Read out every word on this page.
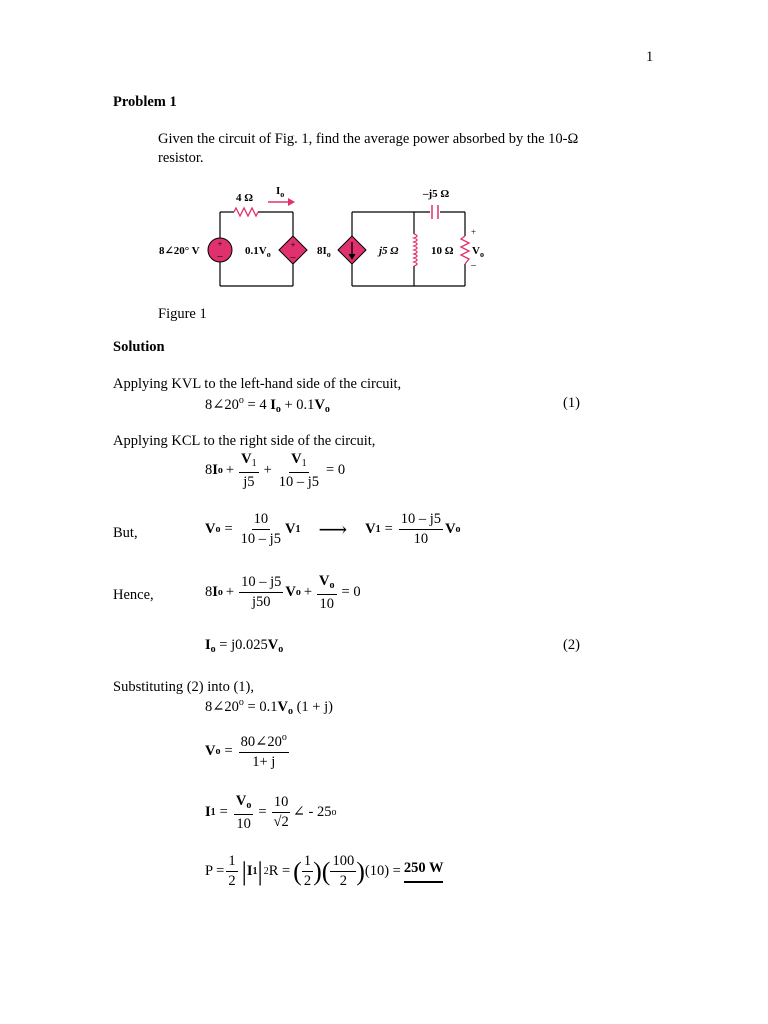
1
Problem 1
Given the circuit of Fig. 1, find the average power absorbed by the 10-Ω
resistor.
+
–
+
–
+
–
4 Ω
$I_o$	–j5 Ω
8∠20° V	$0.1V_o$	$8I_o$	j5 Ω	10 Ω $V_o$
Figure 1
Solution
Applying KVL to the left-hand side of the circuit,
$8\angle 20^o = 4$ $I_o + 0.1V_o$	(1)
Applying KCL to the right side of the circuit,
8 I $o + \frac{V_1}{j5} + \frac{V_1}{10 - j5} = 0$
But,	V $o = \frac{10}{10 - j5}$ V 1 ⟶ V $1 = \frac{10 - j5}{10}$ V o
Hence,	8 I $o + \frac{10 - j5}{j50}$ V $o + \frac{V_o}{10} = 0$
$I_o = j0.025V_o$	(2)
Substituting (2) into (1),
$8\angle 20^o = 0.1V_o$ (1 + j)
V $o = \frac{80\angle 20^o}{1+ j}$
I $1 = \frac{V_o}{10} = \frac{10}{√2}$ ∠ - 25 o
$P = \frac{1}{2}$ | I 1 | 2 R = ( $\frac{1}{2}$ ) ( $\frac{100}{2}$ ) (10) = 250 W
